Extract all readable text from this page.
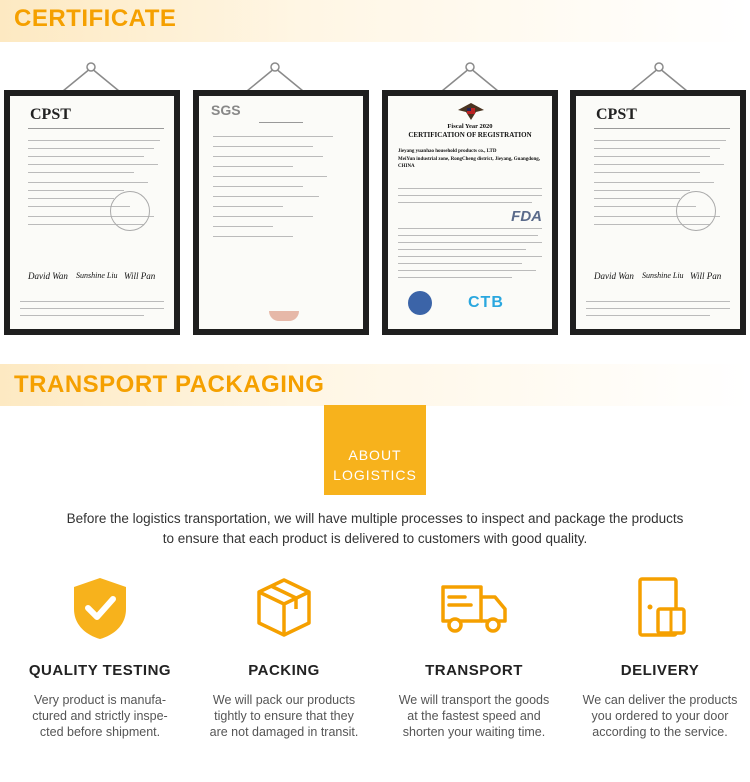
CERTIFICATE
CPST
David Wan Sunshine Liu Will Pan
SGS
Fiscal Year 2020
CERTIFICATION OF REGISTRATION
Jieyang yuanhao household products co., LTD
MeiYun industrial zone, RongCheng district, Jieyang, Guangdong, CHINA
FDA
CTB
CPST
David Wan Sunshine Liu Will Pan
TRANSPORT PACKAGING
ABOUT
LOGISTICS
Before the logistics transportation, we will have multiple processes to inspect and package the products
to ensure that each product is delivered to customers with good quality.
QUALITY TESTING
Very product is manufa-
ctured and strictly inspe-
cted before shipment.
PACKING
We will pack our products
tightly to ensure that they
are not damaged in transit.
TRANSPORT
We will transport the goods
at the fastest speed and
shorten your waiting time.
DELIVERY
We can deliver the products
you ordered to your door
according to the service.
